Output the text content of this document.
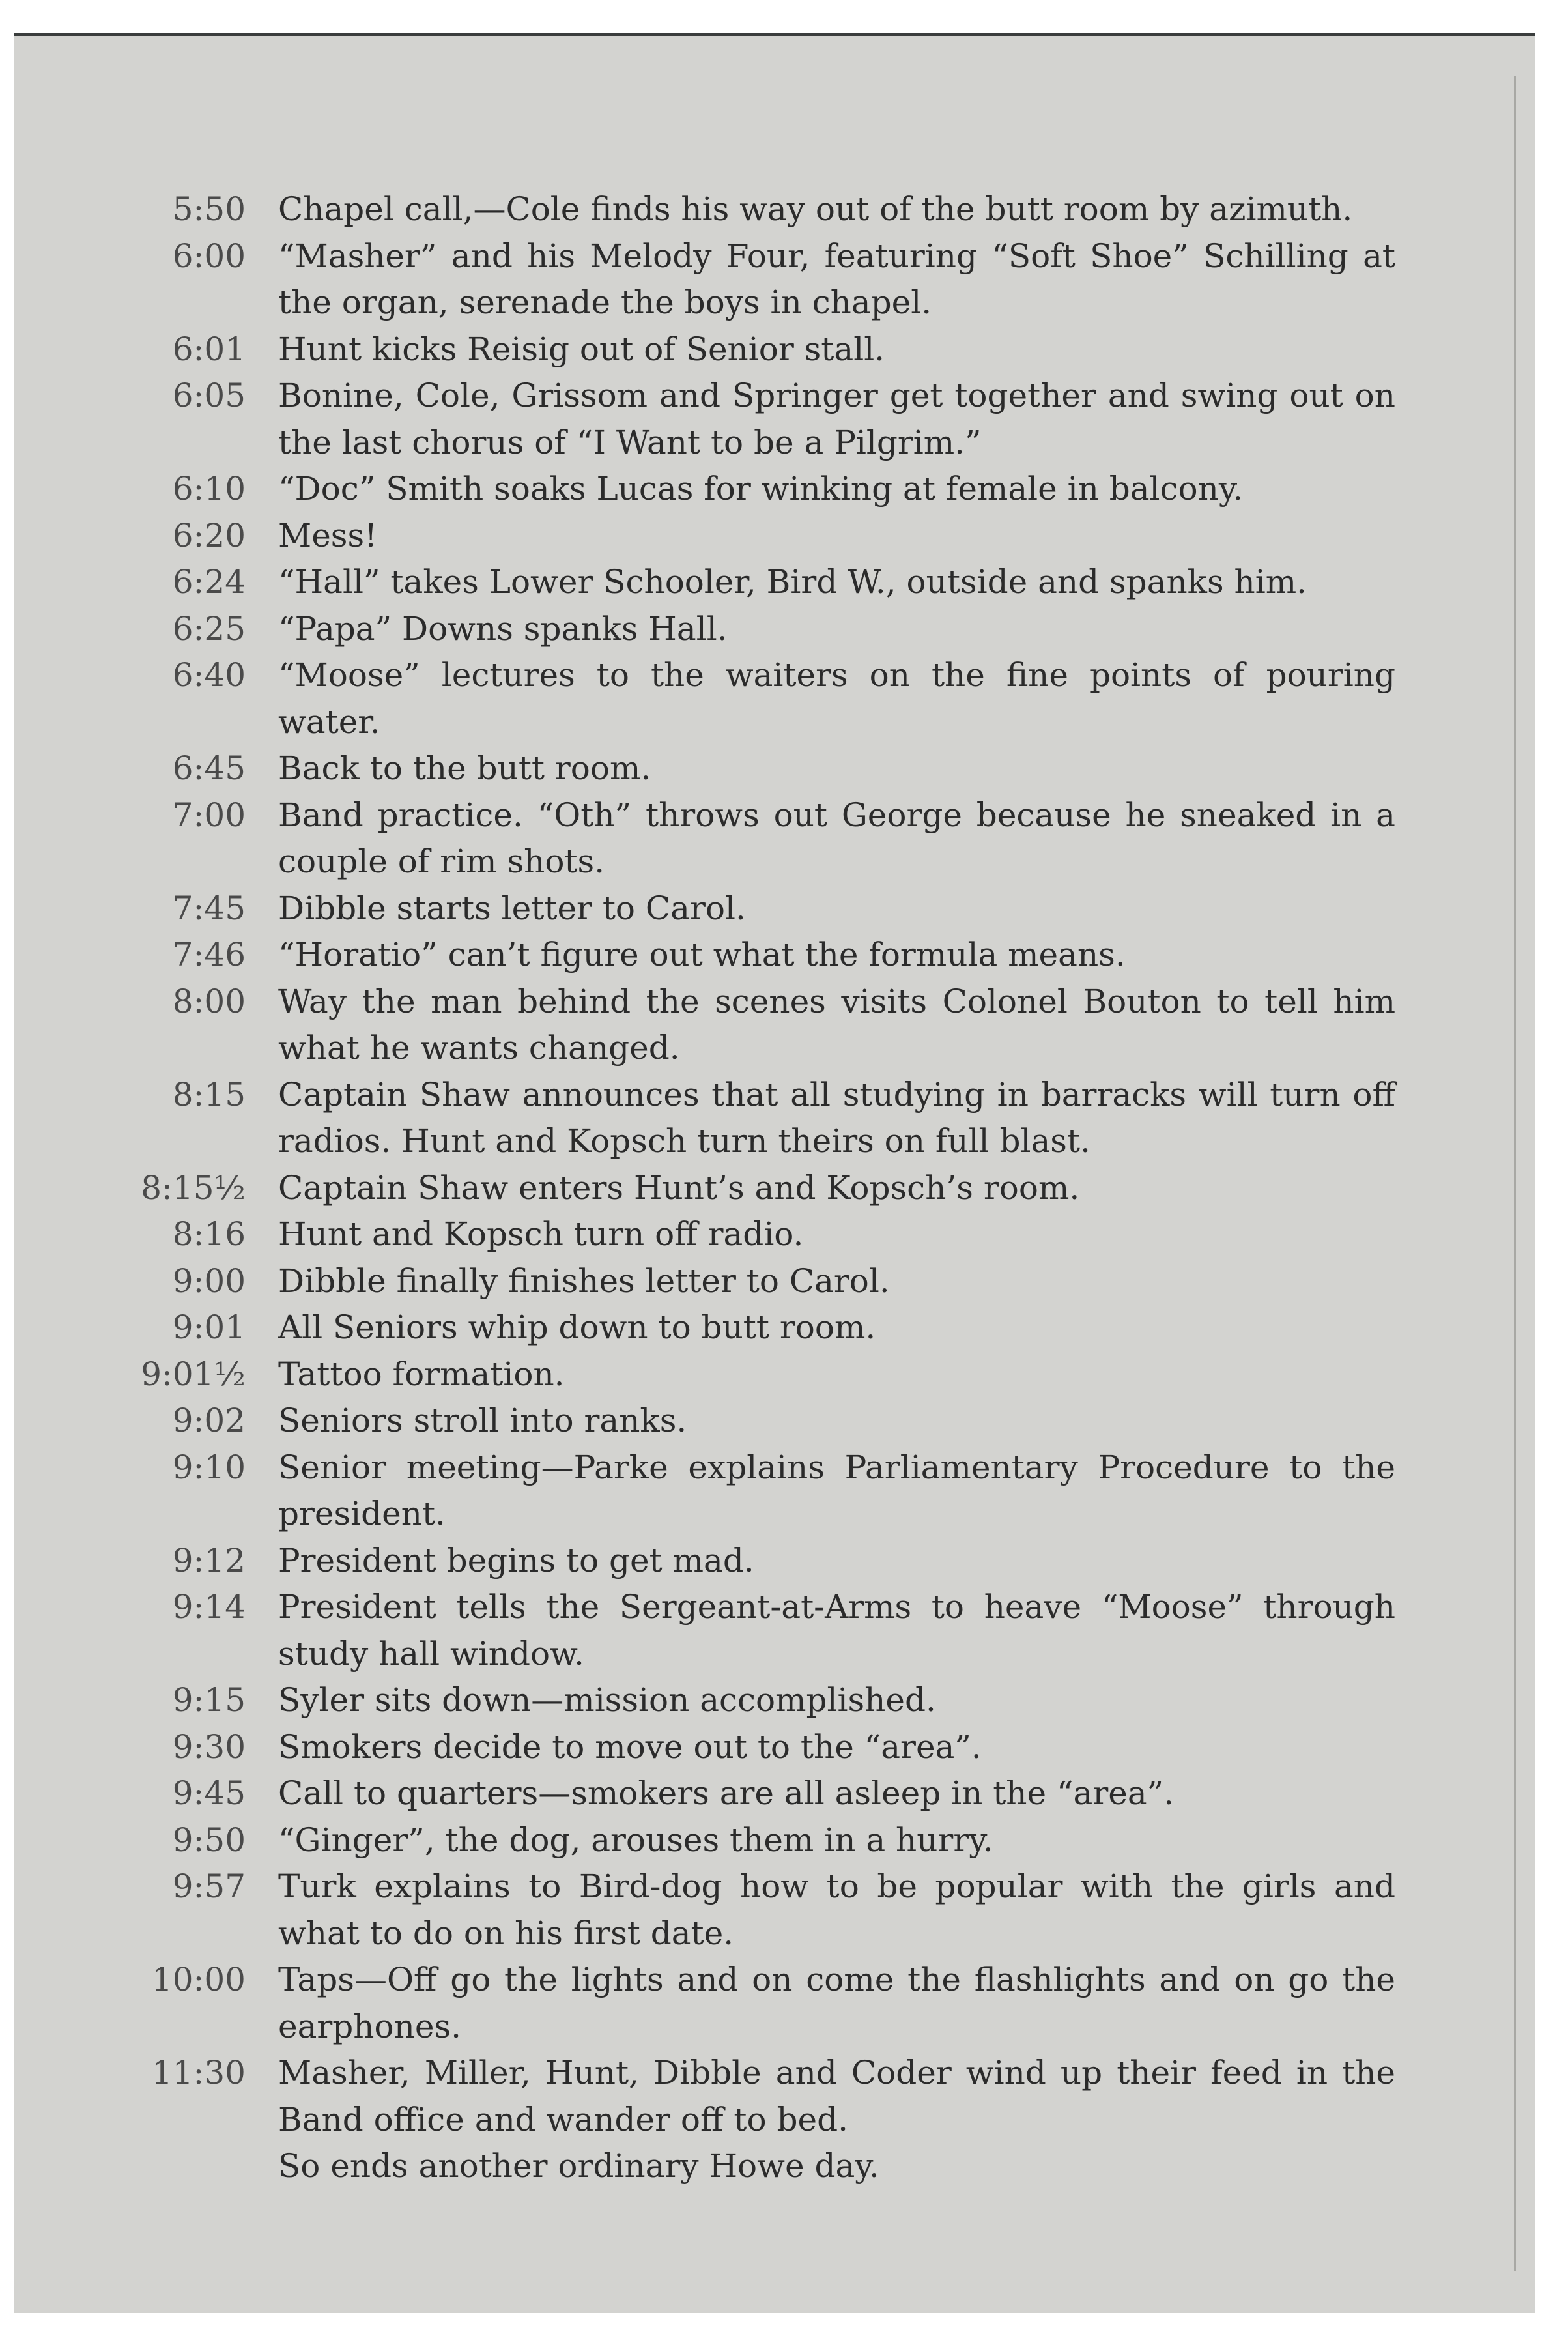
5:50	Chapel call,—Cole finds his way out of the butt room by azimuth.
6:00	“Masher” and his Melody Four, featuring “Soft Shoe” Schilling at the organ, serenade the boys in chapel.
6:01	Hunt kicks Reisig out of Senior stall.
6:05	Bonine, Cole, Grissom and Springer get together and swing out on the last chorus of “I Want to be a Pilgrim.”
6:10	“Doc” Smith soaks Lucas for winking at female in balcony.
6:20	Mess!
6:24	“Hall” takes Lower Schooler, Bird W., outside and spanks him.
6:25	“Papa” Downs spanks Hall.
6:40	“Moose” lectures to the waiters on the fine points of pouring water.
6:45	Back to the butt room.
7:00	Band practice. “Oth” throws out George because he sneaked in a couple of rim shots.
7:45	Dibble starts letter to Carol.
7:46	“Horatio” can’t figure out what the formula means.
8:00	Way the man behind the scenes visits Colonel Bouton to tell him what he wants changed.
8:15	Captain Shaw announces that all studying in barracks will turn off radios. Hunt and Kopsch turn theirs on full blast.
8:15½	Captain Shaw enters Hunt’s and Kopsch’s room.
8:16	Hunt and Kopsch turn off radio.
9:00	Dibble finally finishes letter to Carol.
9:01	All Seniors whip down to butt room.
9:01½	Tattoo formation.
9:02	Seniors stroll into ranks.
9:10	Senior meeting—Parke explains Parliamentary Procedure to the president.
9:12	President begins to get mad.
9:14	President tells the Sergeant-at-Arms to heave “Moose” through study hall window.
9:15	Syler sits down—mission accomplished.
9:30	Smokers decide to move out to the “area”.
9:45	Call to quarters—smokers are all asleep in the “area”.
9:50	“Ginger”, the dog, arouses them in a hurry.
9:57	Turk explains to Bird-dog how to be popular with the girls and what to do on his first date.
10:00	Taps—Off go the lights and on come the flashlights and on go the earphones.
11:30	Masher, Miller, Hunt, Dibble and Coder wind up their feed in the Band office and wander off to bed.
So ends another ordinary Howe day.
